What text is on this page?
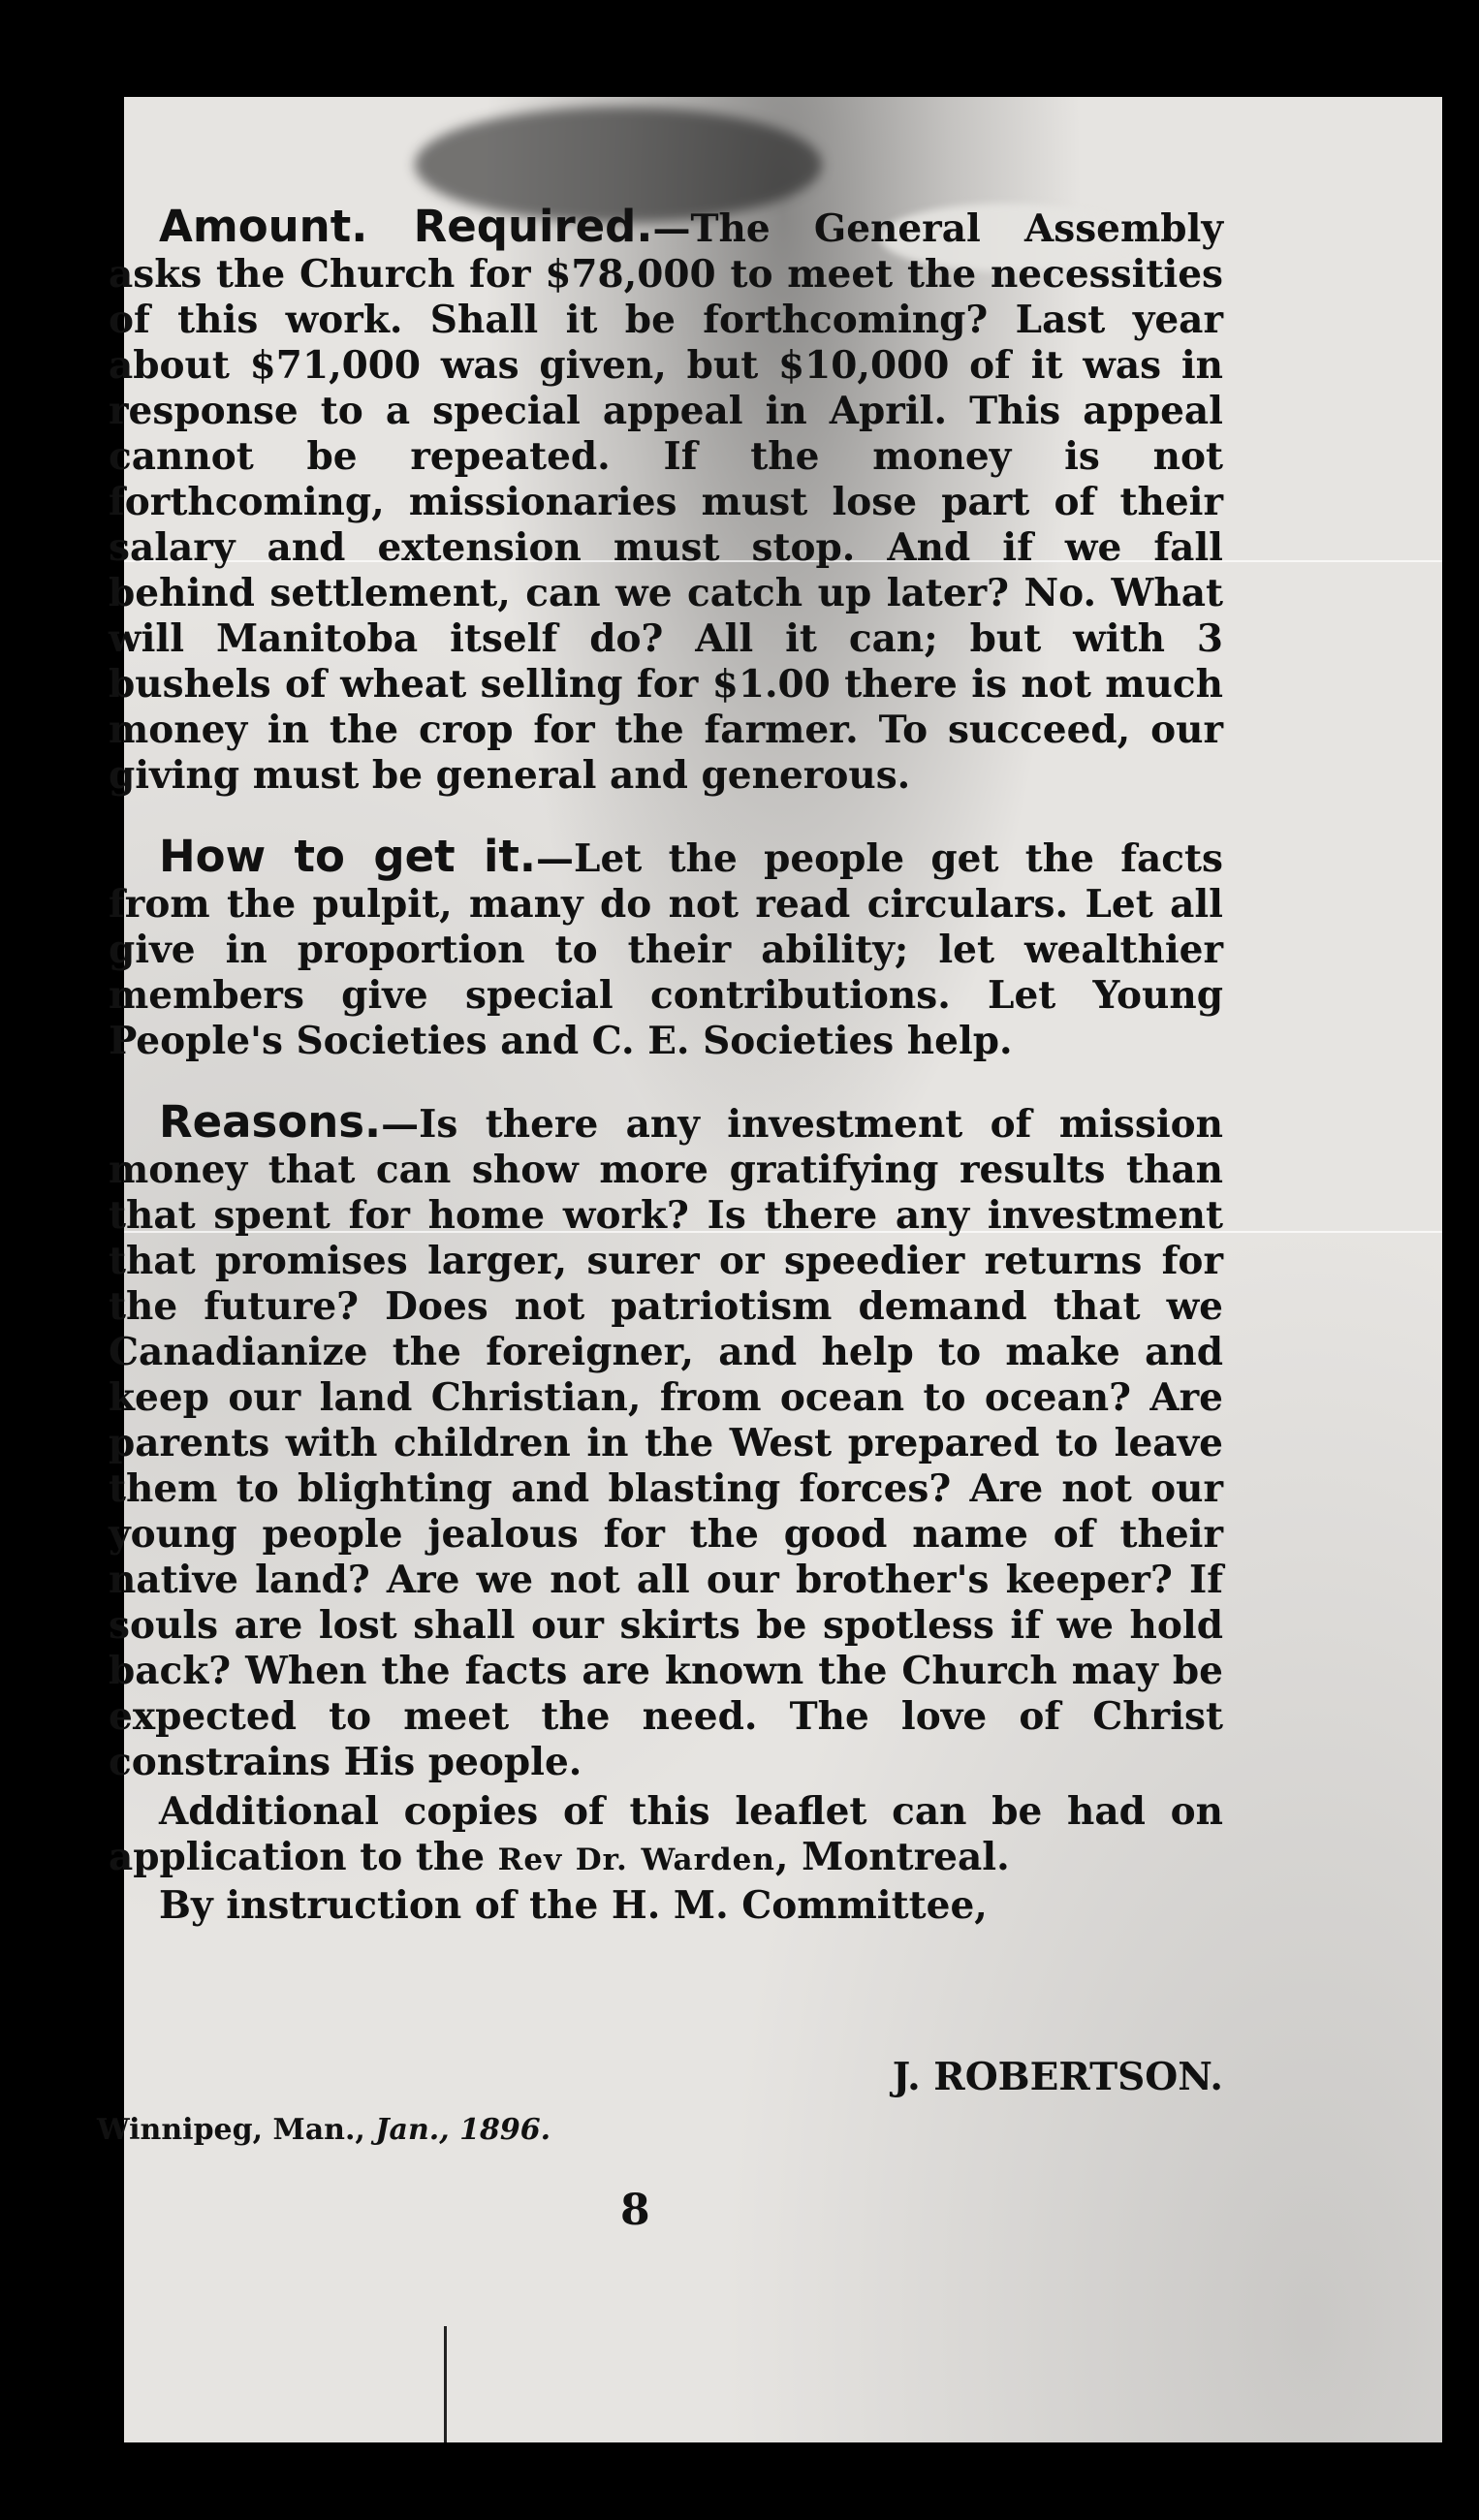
Amount. Required.—The General Assembly asks the Church for $78,000 to meet the necessities of this work. Shall it be forthcoming? Last year about $71,000 was given, but $10,000 of it was in response to a special appeal in April. This appeal cannot be repeated. If the money is not forthcoming, missionaries must lose part of their salary and extension must stop. And if we fall behind settlement, can we catch up later? No. What will Manitoba itself do? All it can; but with 3 bushels of wheat selling for $1.00 there is not much money in the crop for the farmer. To succeed, our giving must be general and generous.

How to get it.—Let the people get the facts from the pulpit, many do not read circulars. Let all give in proportion to their ability; let wealthier members give special contributions. Let Young People's Societies and C. E. Societies help.

Reasons.—Is there any investment of mission money that can show more gratifying results than that spent for home work? Is there any investment that promises larger, surer or speedier returns for the future? Does not patriotism demand that we Canadianize the foreigner, and help to make and keep our land Christian, from ocean to ocean? Are parents with children in the West prepared to leave them to blighting and blasting forces? Are not our young people jealous for the good name of their native land? Are we not all our brother's keeper? If souls are lost shall our skirts be spotless if we hold back? When the facts are known the Church may be expected to meet the need. The love of Christ constrains His people.

Additional copies of this leaflet can be had on application to the Rev Dr. Warden, Montreal.

By instruction of the H. M. Committee,

J. ROBERTSON.
Winnipeg, Man., Jan., 1896.
8
